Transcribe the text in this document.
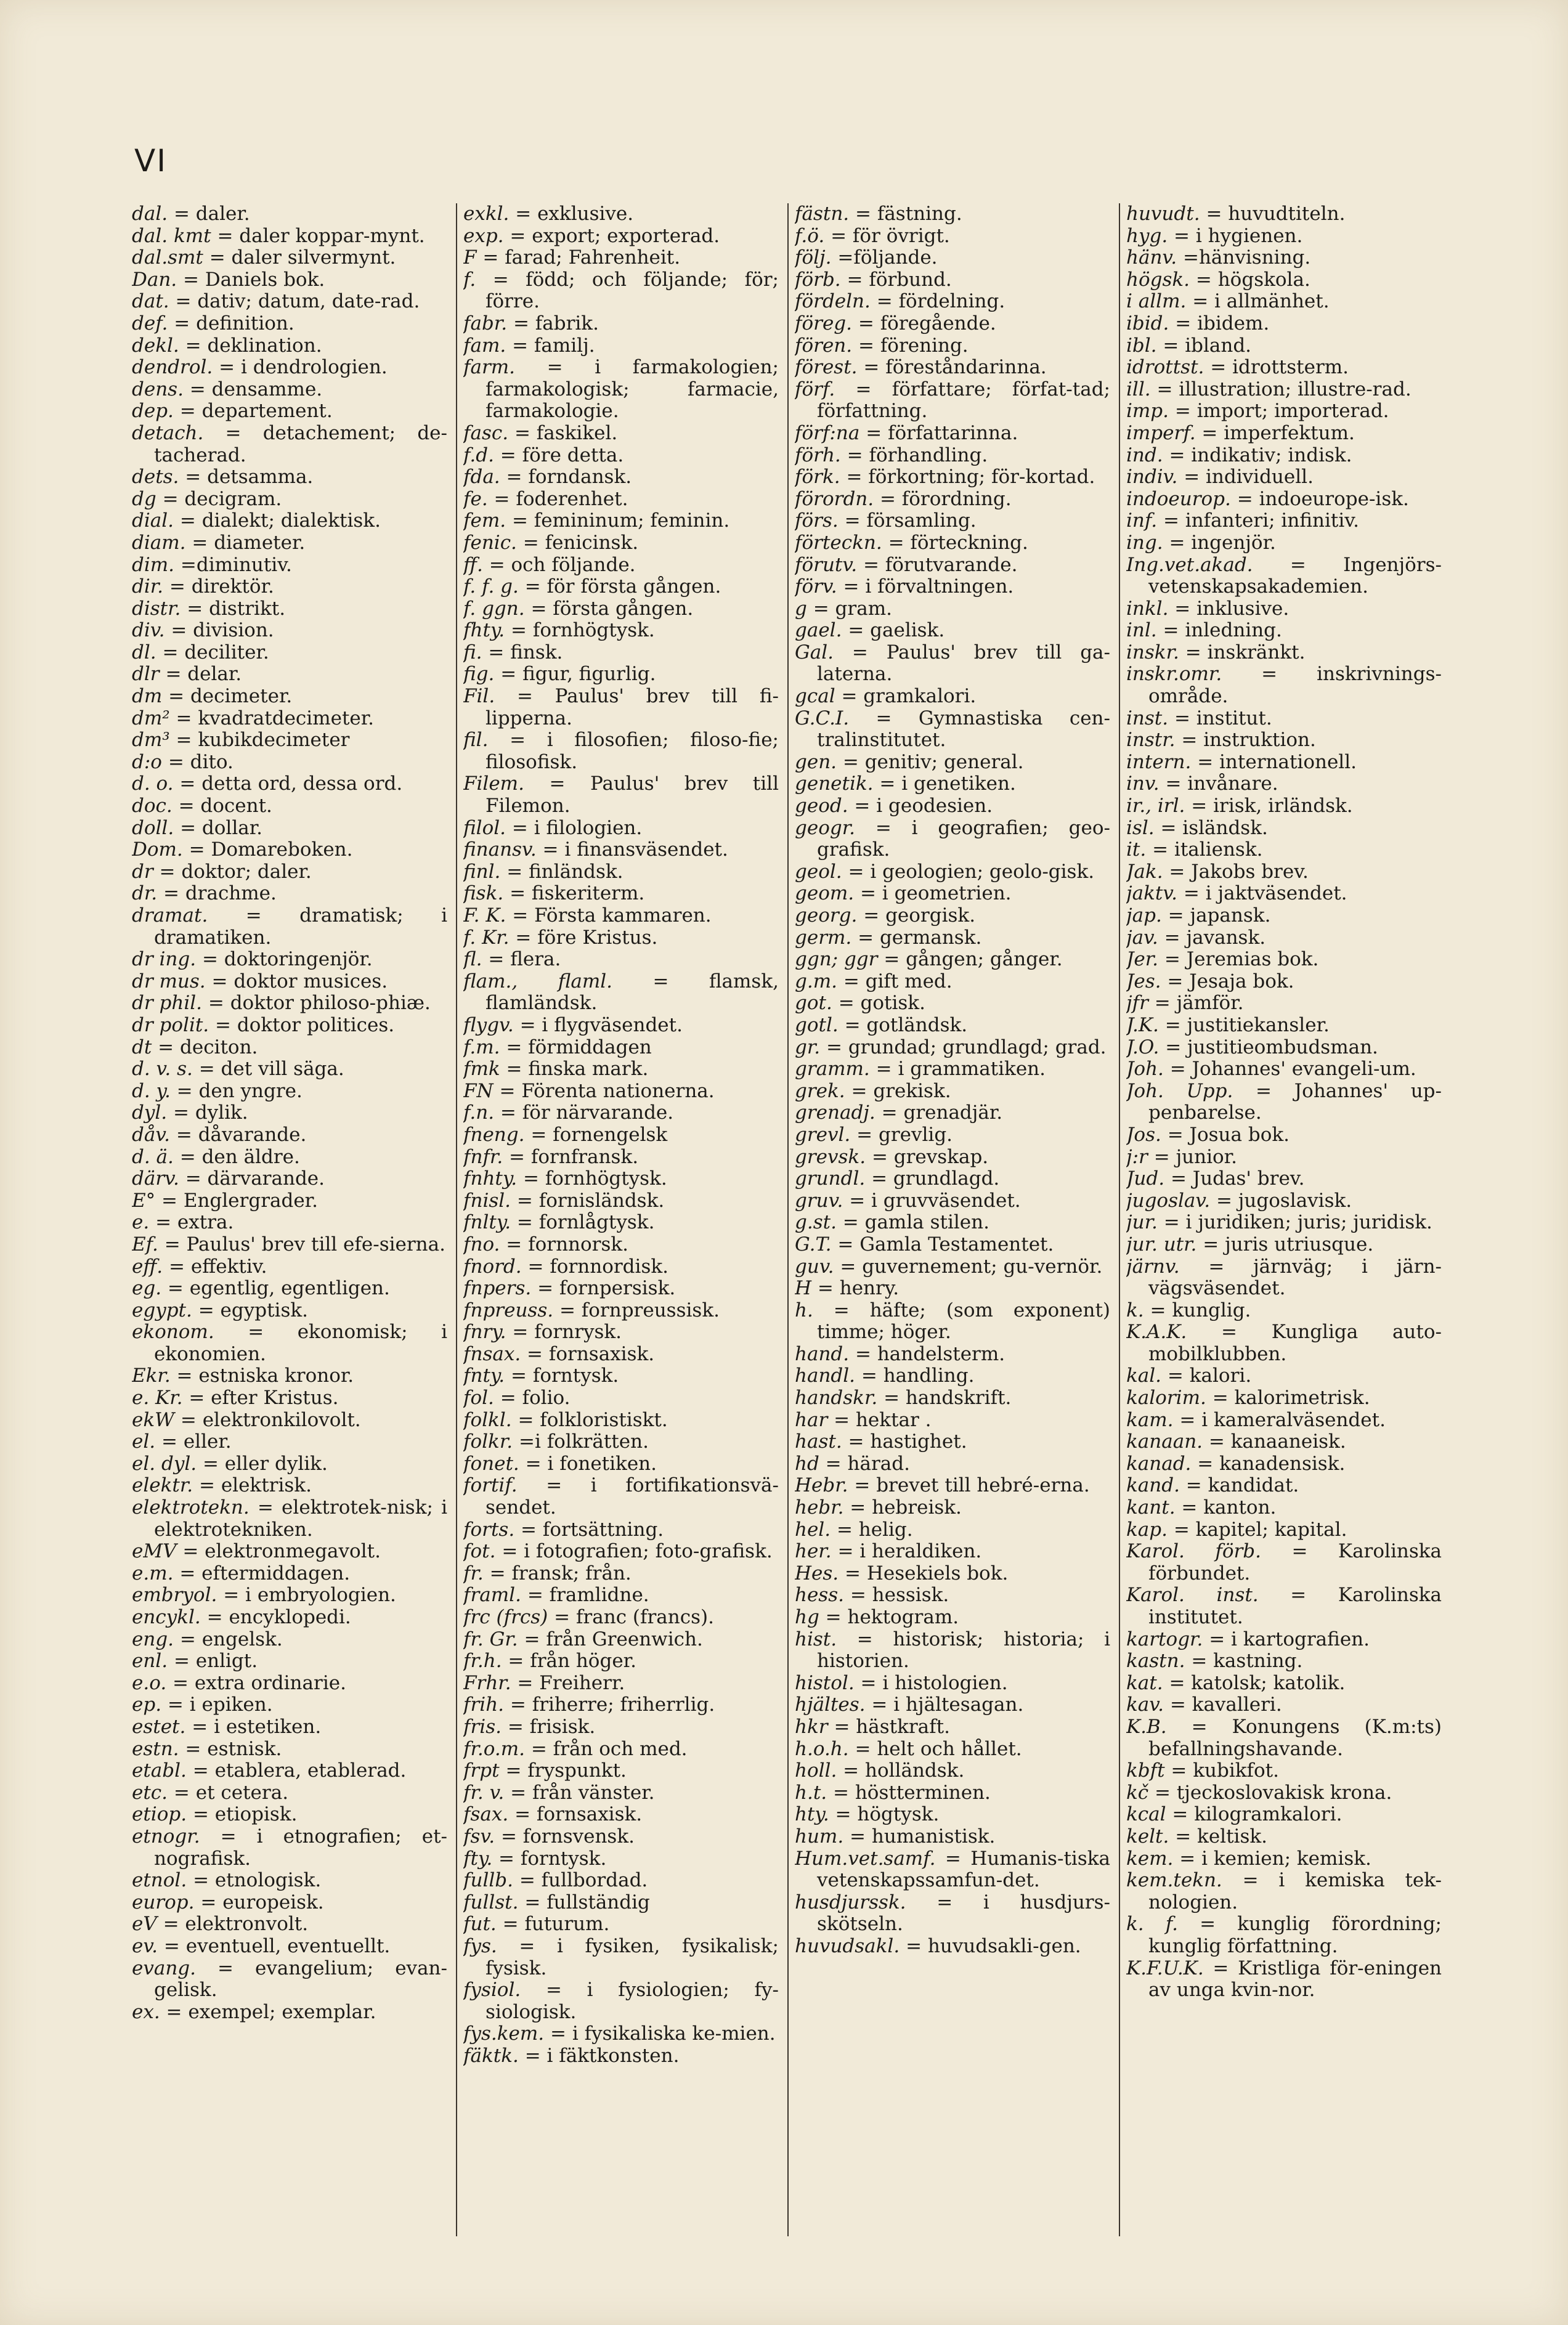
VI
dal. = daler.
dal. kmt = daler koppar-mynt.
dal.smt = daler silvermynt.
Dan. = Daniels bok.
dat. = dativ; datum, date-rad.
def. = definition.
dekl. = deklination.
dendrol. = i dendrologien.
dens. = densamme.
dep. = departement.
detach. = detachement; de-tacherad.
dets. = detsamma.
dg = decigram.
dial. = dialekt; dialektisk.
diam. = diameter.
dim. =diminutiv.
dir. = direktör.
distr. = distrikt.
div. = division.
dl. = deciliter.
dlr = delar.
dm = decimeter.
dm² = kvadratdecimeter.
dm³ = kubikdecimeter
d:o = dito.
d. o. = detta ord, dessa ord.
doc. = docent.
doll. = dollar.
Dom. = Domareboken.
dr = doktor; daler.
dr. = drachme.
dramat. = dramatisk; i dramatiken.
dr ing. = doktoringenjör.
dr mus. = doktor musices.
dr phil. = doktor philoso-phiæ.
dr polit. = doktor politices.
dt = deciton.
d. v. s. = det vill säga.
d. y. = den yngre.
dyl. = dylik.
dåv. = dåvarande.
d. ä. = den äldre.
därv. = därvarande.
E° = Englergrader.
e. = extra.
Ef. = Paulus' brev till efe-sierna.
eff. = effektiv.
eg. = egentlig, egentligen.
egypt. = egyptisk.
ekonom. = ekonomisk; i ekonomien.
Ekr. = estniska kronor.
e. Kr. = efter Kristus.
ekW = elektronkilovolt.
el. = eller.
el. dyl. = eller dylik.
elektr. = elektrisk.
elektrotekn. = elektrotek-nisk; i elektrotekniken.
eMV = elektronmegavolt.
e.m. = eftermiddagen.
embryol. = i embryologien.
encykl. = encyklopedi.
eng. = engelsk.
enl. = enligt.
e.o. = extra ordinarie.
ep. = i epiken.
estet. = i estetiken.
estn. = estnisk.
etabl. = etablera, etablerad.
etc. = et cetera.
etiop. = etiopisk.
etnogr. = i etnografien; et-nografisk.
etnol. = etnologisk.
europ. = europeisk.
eV = elektronvolt.
ev. = eventuell, eventuellt.
evang. = evangelium; evan-gelisk.
ex. = exempel; exemplar.
exkl. = exklusive.
exp. = export; exporterad.
F = farad; Fahrenheit.
f. = född; och följande; för; förre.
fabr. = fabrik.
fam. = familj.
farm. = i farmakologien; farmakologisk; farmacie, farmakologie.
fasc. = faskikel.
f.d. = före detta.
fda. = forndansk.
fe. = foderenhet.
fem. = femininum; feminin.
fenic. = fenicinsk.
ff. = och följande.
f. f. g. = för första gången.
f. ggn. = första gången.
fhty. = fornhögtysk.
fi. = finsk.
fig. = figur, figurlig.
Fil. = Paulus' brev till fi-lipperna.
fil. = i filosofien; filoso-fie; filosofisk.
Filem. = Paulus' brev till Filemon.
filol. = i filologien.
finansv. = i finansväsendet.
finl. = finländsk.
fisk. = fiskeriterm.
F. K. = Första kammaren.
f. Kr. = före Kristus.
fl. = flera.
flam., flaml. = flamsk, flamländsk.
flygv. = i flygväsendet.
f.m. = förmiddagen
fmk = finska mark.
FN = Förenta nationerna.
f.n. = för närvarande.
fneng. = fornengelsk
fnfr. = fornfransk.
fnhty. = fornhögtysk.
fnisl. = fornisländsk.
fnlty. = fornlågtysk.
fno. = fornnorsk.
fnord. = fornnordisk.
fnpers. = fornpersisk.
fnpreuss. = fornpreussisk.
fnry. = fornrysk.
fnsax. = fornsaxisk.
fnty. = forntysk.
fol. = folio.
folkl. = folkloristiskt.
folkr. =i folkrätten.
fonet. = i fonetiken.
fortif. = i fortifikationsvä-sendet.
forts. = fortsättning.
fot. = i fotografien; foto-grafisk.
fr. = fransk; från.
framl. = framlidne.
frc (frcs) = franc (francs).
fr. Gr. = från Greenwich.
fr.h. = från höger.
Frhr. = Freiherr.
frih. = friherre; friherrlig.
fris. = frisisk.
fr.o.m. = från och med.
frpt = fryspunkt.
fr. v. = från vänster.
fsax. = fornsaxisk.
fsv. = fornsvensk.
fty. = forntysk.
fullb. = fullbordad.
fullst. = fullständig
fut. = futurum.
fys. = i fysiken, fysikalisk; fysisk.
fysiol. = i fysiologien; fy-siologisk.
fys.kem. = i fysikaliska ke-mien.
fäktk. = i fäktkonsten.
fästn. = fästning.
f.ö. = för övrigt.
följ. =följande.
förb. = förbund.
fördeln. = fördelning.
föreg. = föregående.
fören. = förening.
förest. = föreståndarinna.
förf. = författare; förfat-tad; författning.
förf:na = författarinna.
förh. = förhandling.
förk. = förkortning; för-kortad.
förordn. = förordning.
förs. = församling.
förteckn. = förteckning.
förutv. = förutvarande.
förv. = i förvaltningen.
g = gram.
gael. = gaelisk.
Gal. = Paulus' brev till ga-laterna.
gcal = gramkalori.
G.C.I. = Gymnastiska cen-tralinstitutet.
gen. = genitiv; general.
genetik. = i genetiken.
geod. = i geodesien.
geogr. = i geografien; geo-grafisk.
geol. = i geologien; geolo-gisk.
geom. = i geometrien.
georg. = georgisk.
germ. = germansk.
ggn; ggr = gången; gånger.
g.m. = gift med.
got. = gotisk.
gotl. = gotländsk.
gr. = grundad; grundlagd; grad.
gramm. = i grammatiken.
grek. = grekisk.
grenadj. = grenadjär.
grevl. = grevlig.
grevsk. = grevskap.
grundl. = grundlagd.
gruv. = i gruvväsendet.
g.st. = gamla stilen.
G.T. = Gamla Testamentet.
guv. = guvernement; gu-vernör.
H = henry.
h. = häfte; (som exponent) timme; höger.
hand. = handelsterm.
handl. = handling.
handskr. = handskrift.
har = hektar .
hast. = hastighet.
hd = härad.
Hebr. = brevet till hebré-erna.
hebr. = hebreisk.
hel. = helig.
her. = i heraldiken.
Hes. = Hesekiels bok.
hess. = hessisk.
hg = hektogram.
hist. = historisk; historia; i historien.
histol. = i histologien.
hjältes. = i hjältesagan.
hkr = hästkraft.
h.o.h. = helt och hållet.
holl. = holländsk.
h.t. = höstterminen.
hty. = högtysk.
hum. = humanistisk.
Hum.vet.samf. = Humanis-tiska vetenskapssamfun-det.
husdjurssk. = i husdjurs-skötseln.
huvudsakl. = huvudsakli-gen.
huvudt. = huvudtiteln.
hyg. = i hygienen.
hänv. =hänvisning.
högsk. = högskola.
i allm. = i allmänhet.
ibid. = ibidem.
ibl. = ibland.
idrottst. = idrottsterm.
ill. = illustration; illustre-rad.
imp. = import; importerad.
imperf. = imperfektum.
ind. = indikativ; indisk.
indiv. = individuell.
indoeurop. = indoeurope-isk.
inf. = infanteri; infinitiv.
ing. = ingenjör.
Ing.vet.akad. = Ingenjörs-vetenskapsakademien.
inkl. = inklusive.
inl. = inledning.
inskr. = inskränkt.
inskr.omr. = inskrivnings-område.
inst. = institut.
instr. = instruktion.
intern. = internationell.
inv. = invånare.
ir., irl. = irisk, irländsk.
isl. = isländsk.
it. = italiensk.
Jak. = Jakobs brev.
jaktv. = i jaktväsendet.
jap. = japansk.
jav. = javansk.
Jer. = Jeremias bok.
Jes. = Jesaja bok.
jfr = jämför.
J.K. = justitiekansler.
J.O. = justitieombudsman.
Joh. = Johannes' evangeli-um.
Joh. Upp. = Johannes' up-penbarelse.
Jos. = Josua bok.
j:r = junior.
Jud. = Judas' brev.
jugoslav. = jugoslavisk.
jur. = i juridiken; juris; juridisk.
jur. utr. = juris utriusque.
järnv. = järnväg; i järn-vägsväsendet.
k. = kunglig.
K.A.K. = Kungliga auto-mobilklubben.
kal. = kalori.
kalorim. = kalorimetrisk.
kam. = i kameralväsendet.
kanaan. = kanaaneisk.
kanad. = kanadensisk.
kand. = kandidat.
kant. = kanton.
kap. = kapitel; kapital.
Karol. förb. = Karolinska förbundet.
Karol. inst. = Karolinska institutet.
kartogr. = i kartografien.
kastn. = kastning.
kat. = katolsk; katolik.
kav. = kavalleri.
K.B. = Konungens (K.m:ts) befallningshavande.
kbft = kubikfot.
kč = tjeckoslovakisk krona.
kcal = kilogramkalori.
kelt. = keltisk.
kem. = i kemien; kemisk.
kem.tekn. = i kemiska tek-nologien.
k. f. = kunglig förordning; kunglig författning.
K.F.U.K. = Kristliga för-eningen av unga kvin-nor.
